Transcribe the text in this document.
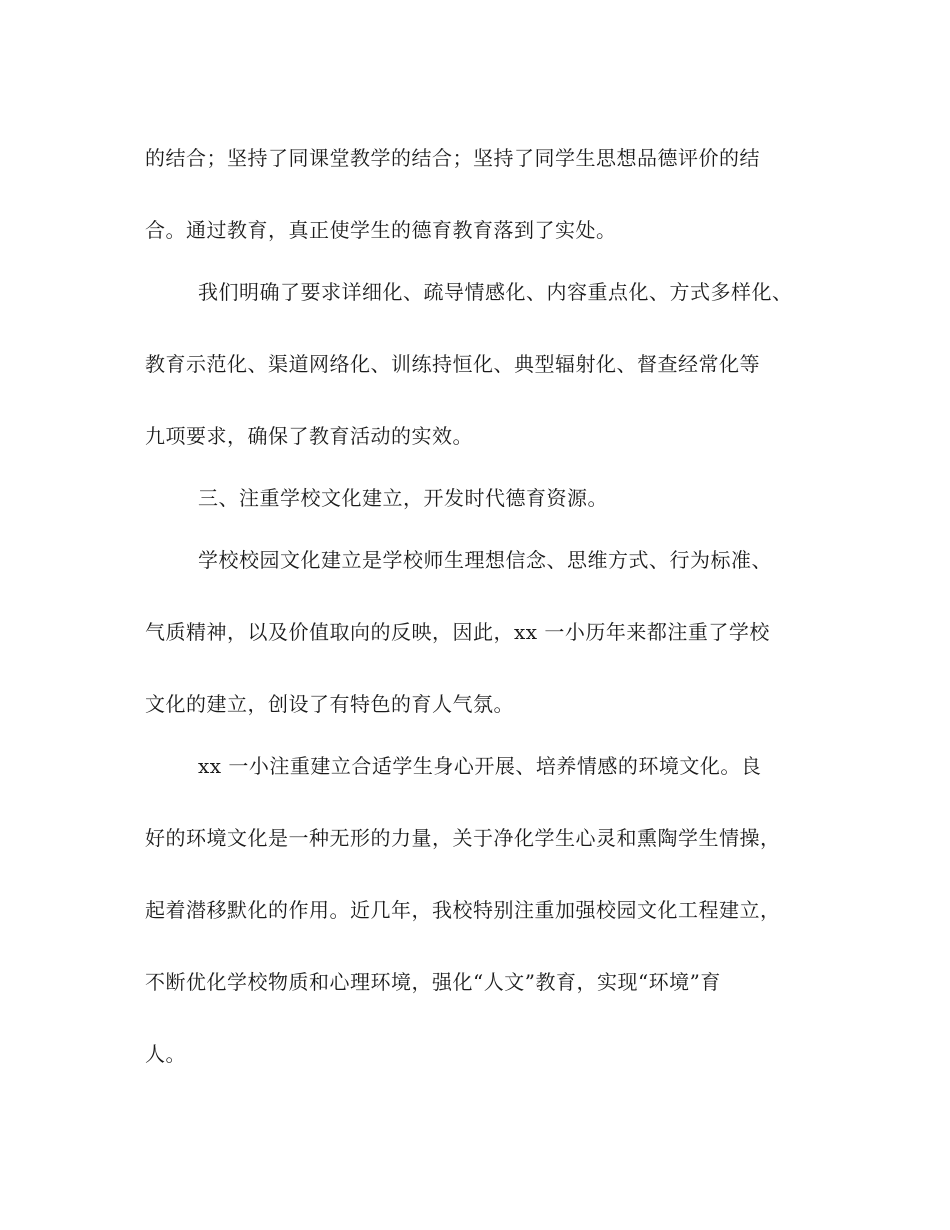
的结合；坚持了同课堂教学的结合；坚持了同学生思想品德评价的结
合。通过教育，真正使学生的德育教育落到了实处。
我们明确了要求详细化、疏导情感化、内容重点化、方式多样化、
教育示范化、渠道网络化、训练持恒化、典型辐射化、督查经常化等
九项要求，确保了教育活动的实效。
三、注重学校文化建立，开发时代德育资源。
学校校园文化建立是学校师生理想信念、思维方式、行为标准、
气质精神，以及价值取向的反映，因此，xx 一小历年来都注重了学校
文化的建立，创设了有特色的育人气氛。
xx 一小注重建立合适学生身心开展、培养情感的环境文化。良
好的环境文化是一种无形的力量，关于净化学生心灵和熏陶学生情操，
起着潜移默化的作用。近几年，我校特别注重加强校园文化工程建立，
不断优化学校物质和心理环境，强化“人文”教育，实现“环境”育
人。
